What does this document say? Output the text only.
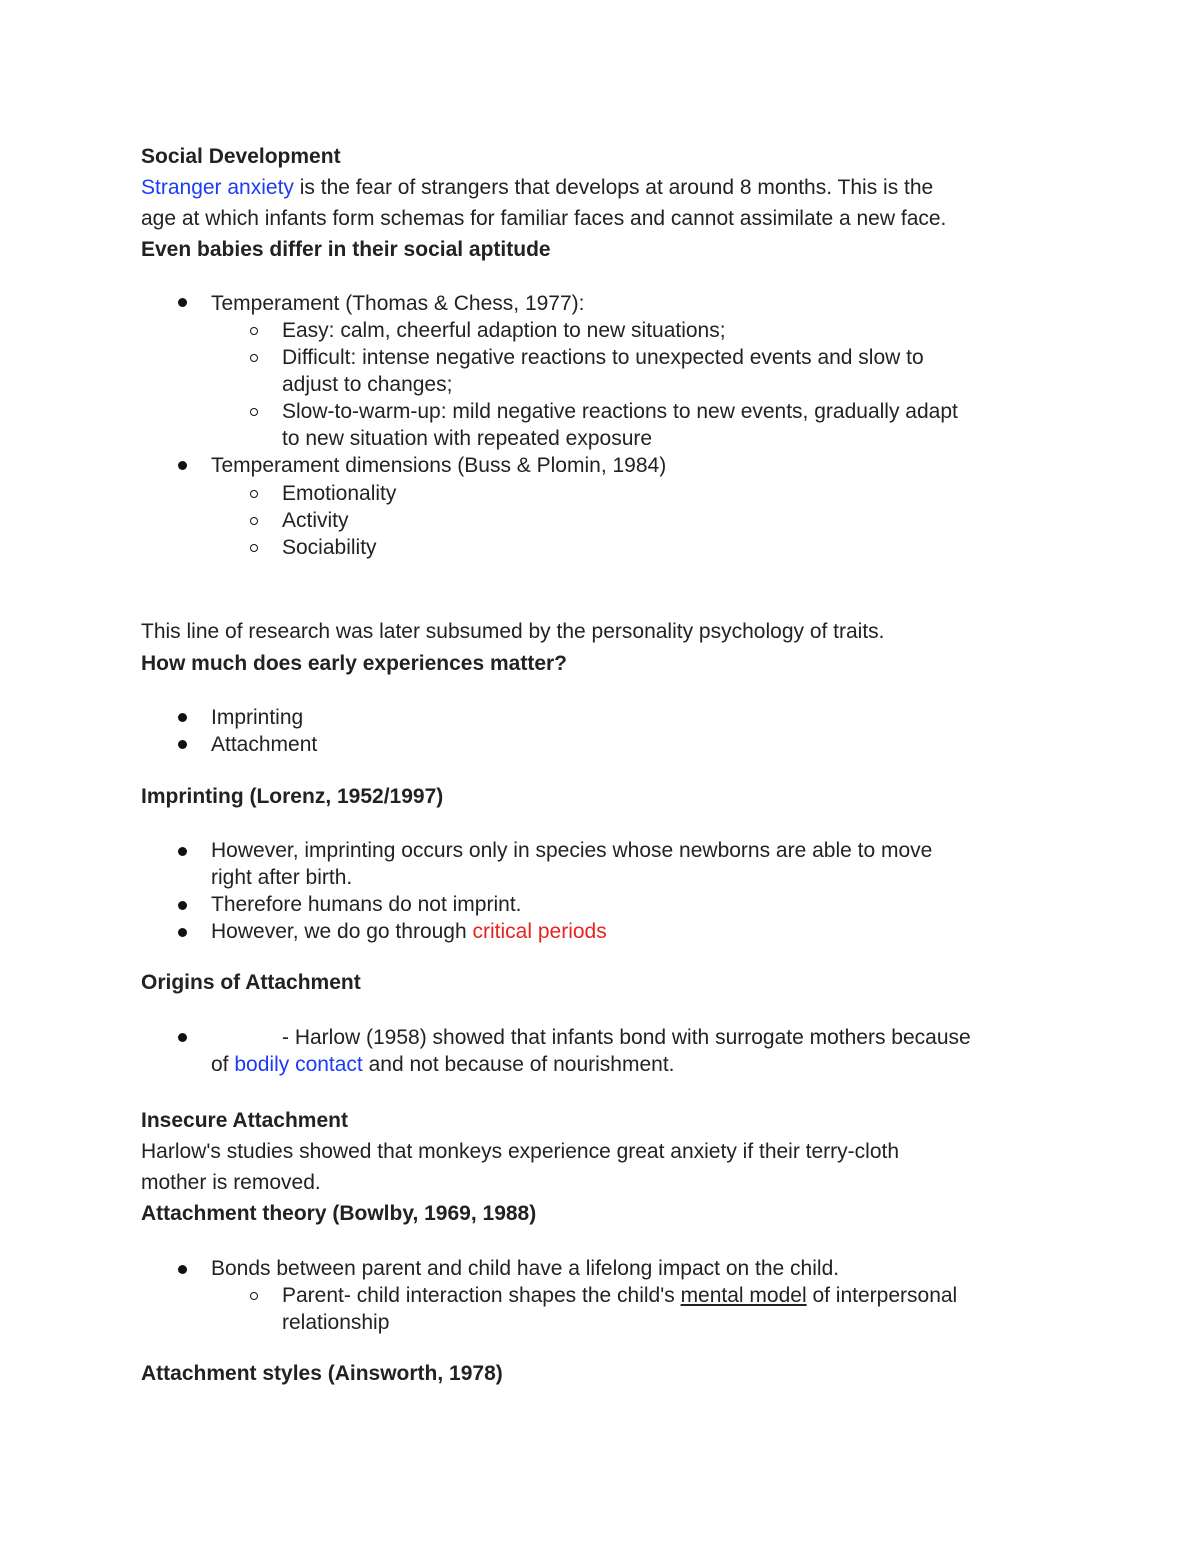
Social Development
Stranger anxiety is the fear of strangers that develops at around 8 months. This is the
age at which infants form schemas for familiar faces and cannot assimilate a new face.
Even babies differ in their social aptitude
Temperament (Thomas & Chess, 1977):
Easy: calm, cheerful adaption to new situations;
Difficult: intense negative reactions to unexpected events and slow to
adjust to changes;
Slow-to-warm-up: mild negative reactions to new events, gradually adapt
to new situation with repeated exposure
Temperament dimensions (Buss & Plomin, 1984)
Emotionality
Activity
Sociability
This line of research was later subsumed by the personality psychology of traits.
How much does early experiences matter?
Imprinting
Attachment
Imprinting (Lorenz, 1952/1997)
However, imprinting occurs only in species whose newborns are able to move
right after birth.
Therefore humans do not imprint.
However, we do go through critical periods
Origins of Attachment
- Harlow (1958) showed that infants bond with surrogate mothers because
of bodily contact and not because of nourishment.
Insecure Attachment
Harlow's studies showed that monkeys experience great anxiety if their terry-cloth
mother is removed.
Attachment theory (Bowlby, 1969, 1988)
Bonds between parent and child have a lifelong impact on the child.
Parent- child interaction shapes the child's mental model of interpersonal
relationship
Attachment styles (Ainsworth, 1978)
